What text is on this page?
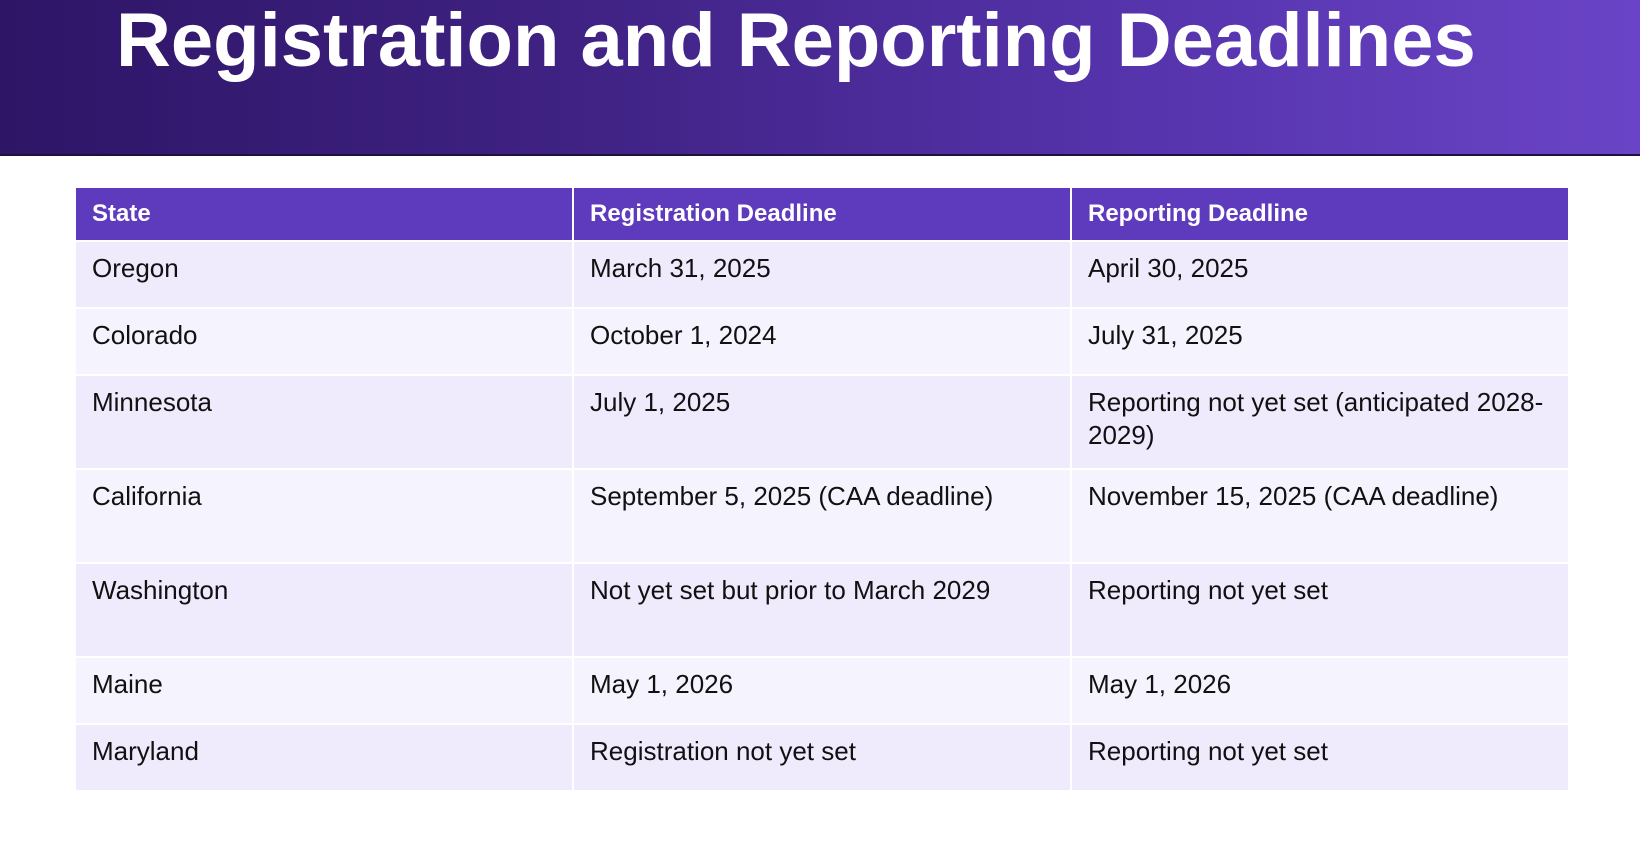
Registration and Reporting Deadlines
State	Registration Deadline	Reporting Deadline
Oregon	March 31, 2025	April 30, 2025
Colorado	October 1, 2024	July 31, 2025
Minnesota	July 1, 2025	Reporting not yet set (anticipated 2028-2029)
California	September 5, 2025 (CAA deadline)	November 15, 2025 (CAA deadline)
Washington	Not yet set but prior to March 2029	Reporting not yet set
Maine	May 1, 2026	May 1, 2026
Maryland	Registration not yet set	Reporting not yet set
